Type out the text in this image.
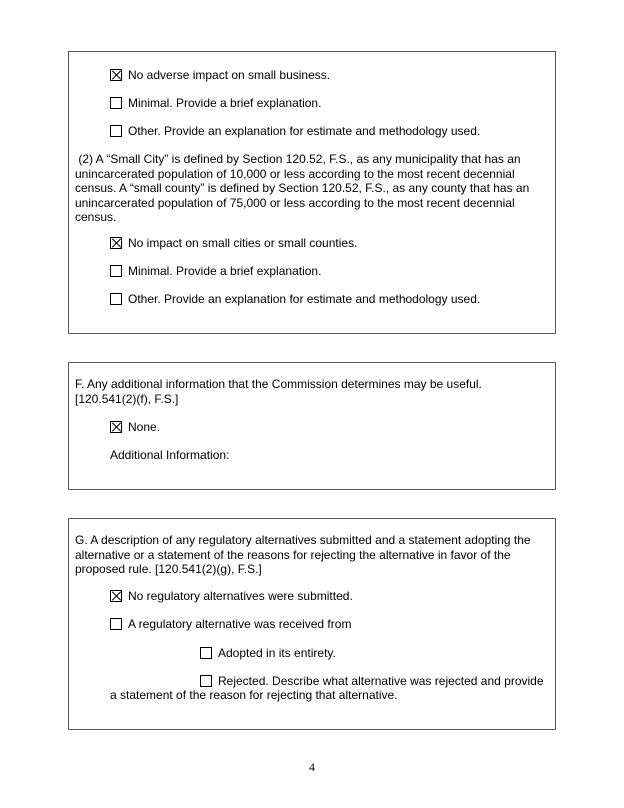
No adverse impact on small business.
Minimal. Provide a brief explanation.
Other. Provide an explanation for estimate and methodology used.
(2) A “Small City” is defined by Section 120.52, F.S., as any municipality that has an
unincarcerated population of 10,000 or less according to the most recent decennial
census. A “small county” is defined by Section 120.52, F.S., as any county that has an
unincarcerated population of 75,000 or less according to the most recent decennial
census.
No impact on small cities or small counties.
Minimal. Provide a brief explanation.
Other. Provide an explanation for estimate and methodology used.
F. Any additional information that the Commission determines may be useful.
[120.541(2)(f), F.S.]
None.
Additional Information:
G. A description of any regulatory alternatives submitted and a statement adopting the
alternative or a statement of the reasons for rejecting the alternative in favor of the
proposed rule. [120.541(2)(g), F.S.]
No regulatory alternatives were submitted.
A regulatory alternative was received from
Adopted in its entirety.
Rejected. Describe what alternative was rejected and provide
a statement of the reason for rejecting that alternative.
4
